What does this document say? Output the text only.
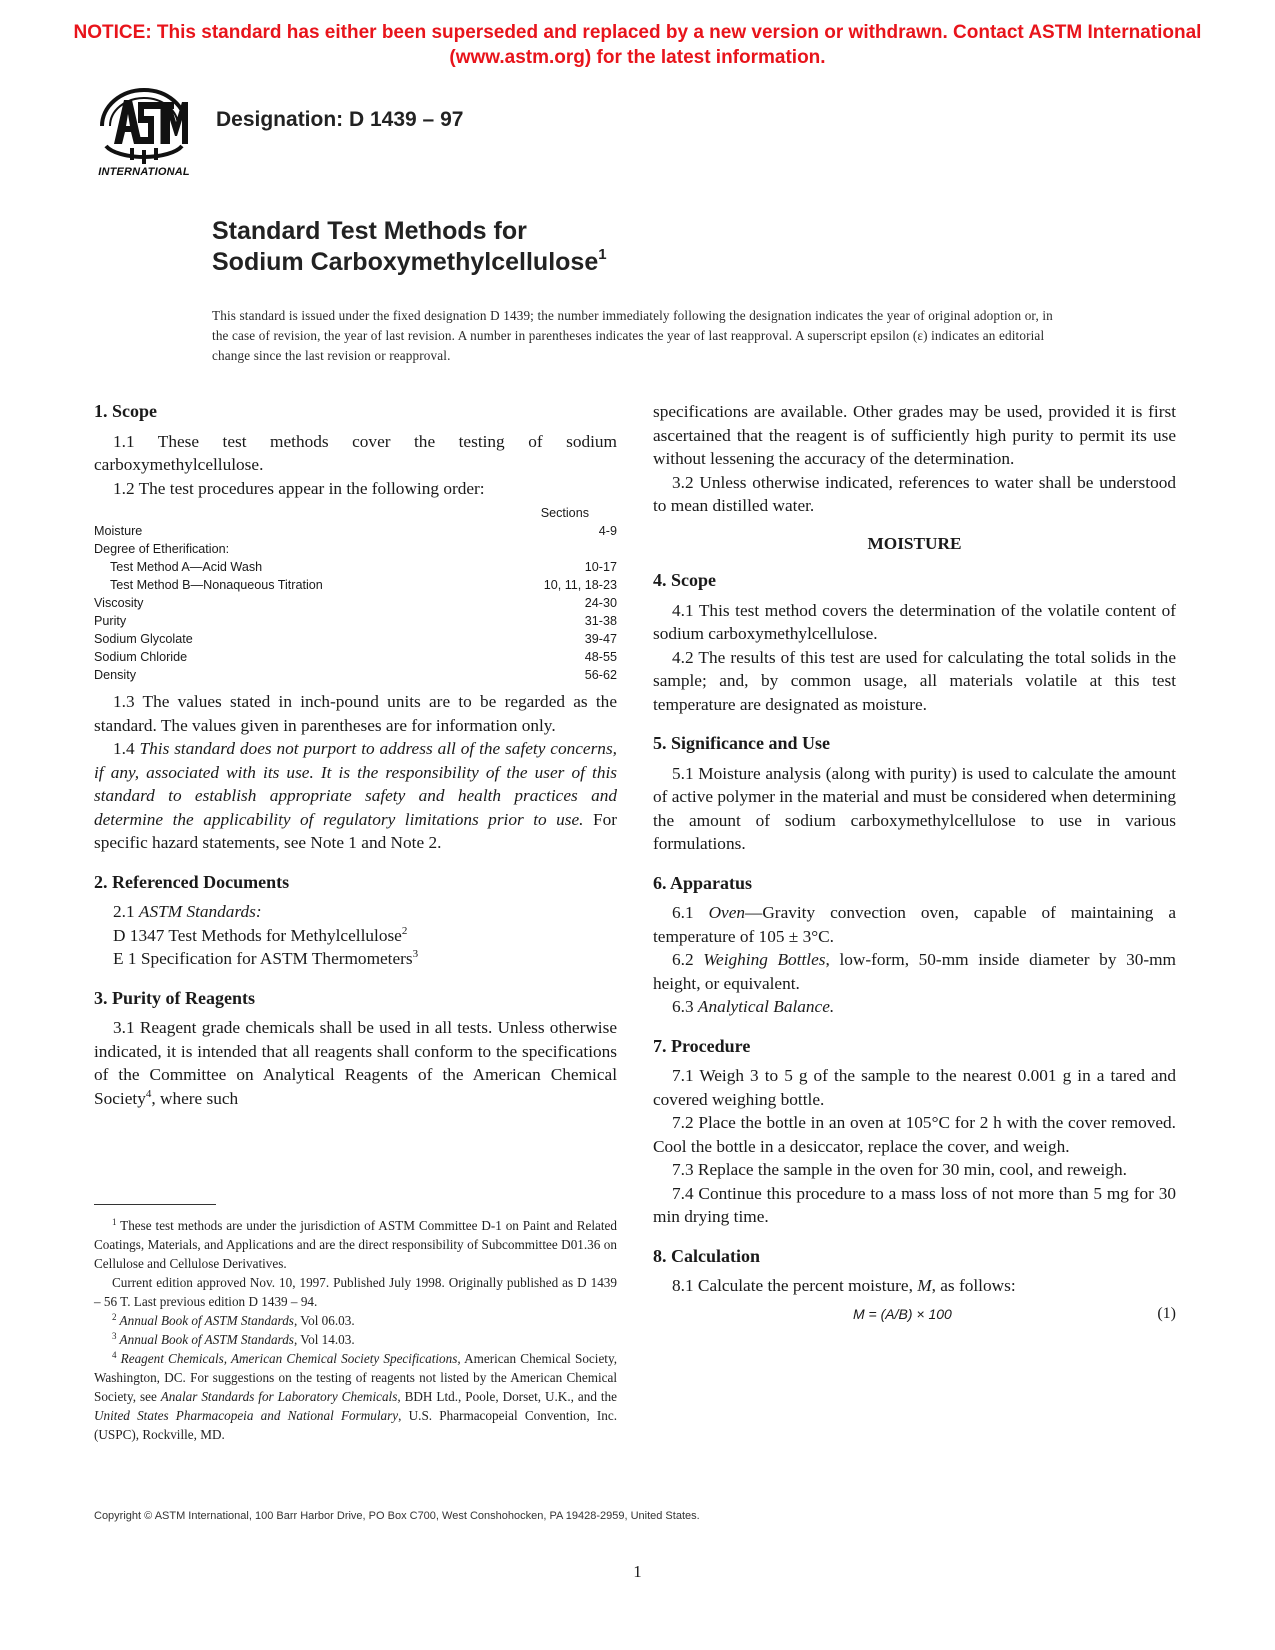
NOTICE: This standard has either been superseded and replaced by a new version or withdrawn. Contact ASTM International (www.astm.org) for the latest information.
INTERNATIONAL
Designation: D 1439 – 97
Standard Test Methods for
Sodium Carboxymethylcellulose$^1$
This standard is issued under the fixed designation D 1439; the number immediately following the designation indicates the year of original adoption or, in the case of revision, the year of last revision. A number in parentheses indicates the year of last reapproval. A superscript epsilon (ε) indicates an editorial change since the last revision or reapproval.
1. Scope
1.1 These test methods cover the testing of sodium carboxymethylcellulose.
1.2 The test procedures appear in the following order:
Sections
Moisture	4-9
Degree of Etherification:
Test Method A—Acid Wash	10-17
Test Method B—Nonaqueous Titration	10, 11, 18-23
Viscosity	24-30
Purity	31-38
Sodium Glycolate	39-47
Sodium Chloride	48-55
Density	56-62
1.3 The values stated in inch-pound units are to be regarded as the standard. The values given in parentheses are for information only.
1.4 This standard does not purport to address all of the safety concerns, if any, associated with its use. It is the responsibility of the user of this standard to establish appropriate safety and health practices and determine the applicability of regulatory limitations prior to use. For specific hazard statements, see Note 1 and Note 2.
2. Referenced Documents
2.1 ASTM Standards:
D 1347 Test Methods for Methylcellulose$^2$
E 1 Specification for ASTM Thermometers$^3$
3. Purity of Reagents
3.1 Reagent grade chemicals shall be used in all tests. Unless otherwise indicated, it is intended that all reagents shall conform to the specifications of the Committee on Analytical Reagents of the American Chemical Society$^4$, where such
$^1$ These test methods are under the jurisdiction of ASTM Committee D-1 on Paint and Related Coatings, Materials, and Applications and are the direct responsibility of Subcommittee D01.36 on Cellulose and Cellulose Derivatives.
Current edition approved Nov. 10, 1997. Published July 1998. Originally published as D 1439 – 56 T. Last previous edition D 1439 – 94.
$^2$ Annual Book of ASTM Standards, Vol 06.03.
$^3$ Annual Book of ASTM Standards, Vol 14.03.
$^4$ Reagent Chemicals, American Chemical Society Specifications, American Chemical Society, Washington, DC. For suggestions on the testing of reagents not listed by the American Chemical Society, see Analar Standards for Laboratory Chemicals, BDH Ltd., Poole, Dorset, U.K., and the United States Pharmacopeia and National Formulary, U.S. Pharmacopeial Convention, Inc. (USPC), Rockville, MD.
specifications are available. Other grades may be used, provided it is first ascertained that the reagent is of sufficiently high purity to permit its use without lessening the accuracy of the determination.
3.2 Unless otherwise indicated, references to water shall be understood to mean distilled water.
MOISTURE
4. Scope
4.1 This test method covers the determination of the volatile content of sodium carboxymethylcellulose.
4.2 The results of this test are used for calculating the total solids in the sample; and, by common usage, all materials volatile at this test temperature are designated as moisture.
5. Significance and Use
5.1 Moisture analysis (along with purity) is used to calculate the amount of active polymer in the material and must be considered when determining the amount of sodium carboxymethylcellulose to use in various formulations.
6. Apparatus
6.1 Oven—Gravity convection oven, capable of maintaining a temperature of 105 ± 3°C.
6.2 Weighing Bottles, low-form, 50-mm inside diameter by 30-mm height, or equivalent.
6.3 Analytical Balance.
7. Procedure
7.1 Weigh 3 to 5 g of the sample to the nearest 0.001 g in a tared and covered weighing bottle.
7.2 Place the bottle in an oven at 105°C for 2 h with the cover removed. Cool the bottle in a desiccator, replace the cover, and weigh.
7.3 Replace the sample in the oven for 30 min, cool, and reweigh.
7.4 Continue this procedure to a mass loss of not more than 5 mg for 30 min drying time.
8. Calculation
8.1 Calculate the percent moisture, M, as follows:
M = (A/B) × 100	(1)
Copyright © ASTM International, 100 Barr Harbor Drive, PO Box C700, West Conshohocken, PA 19428-2959, United States.
1
